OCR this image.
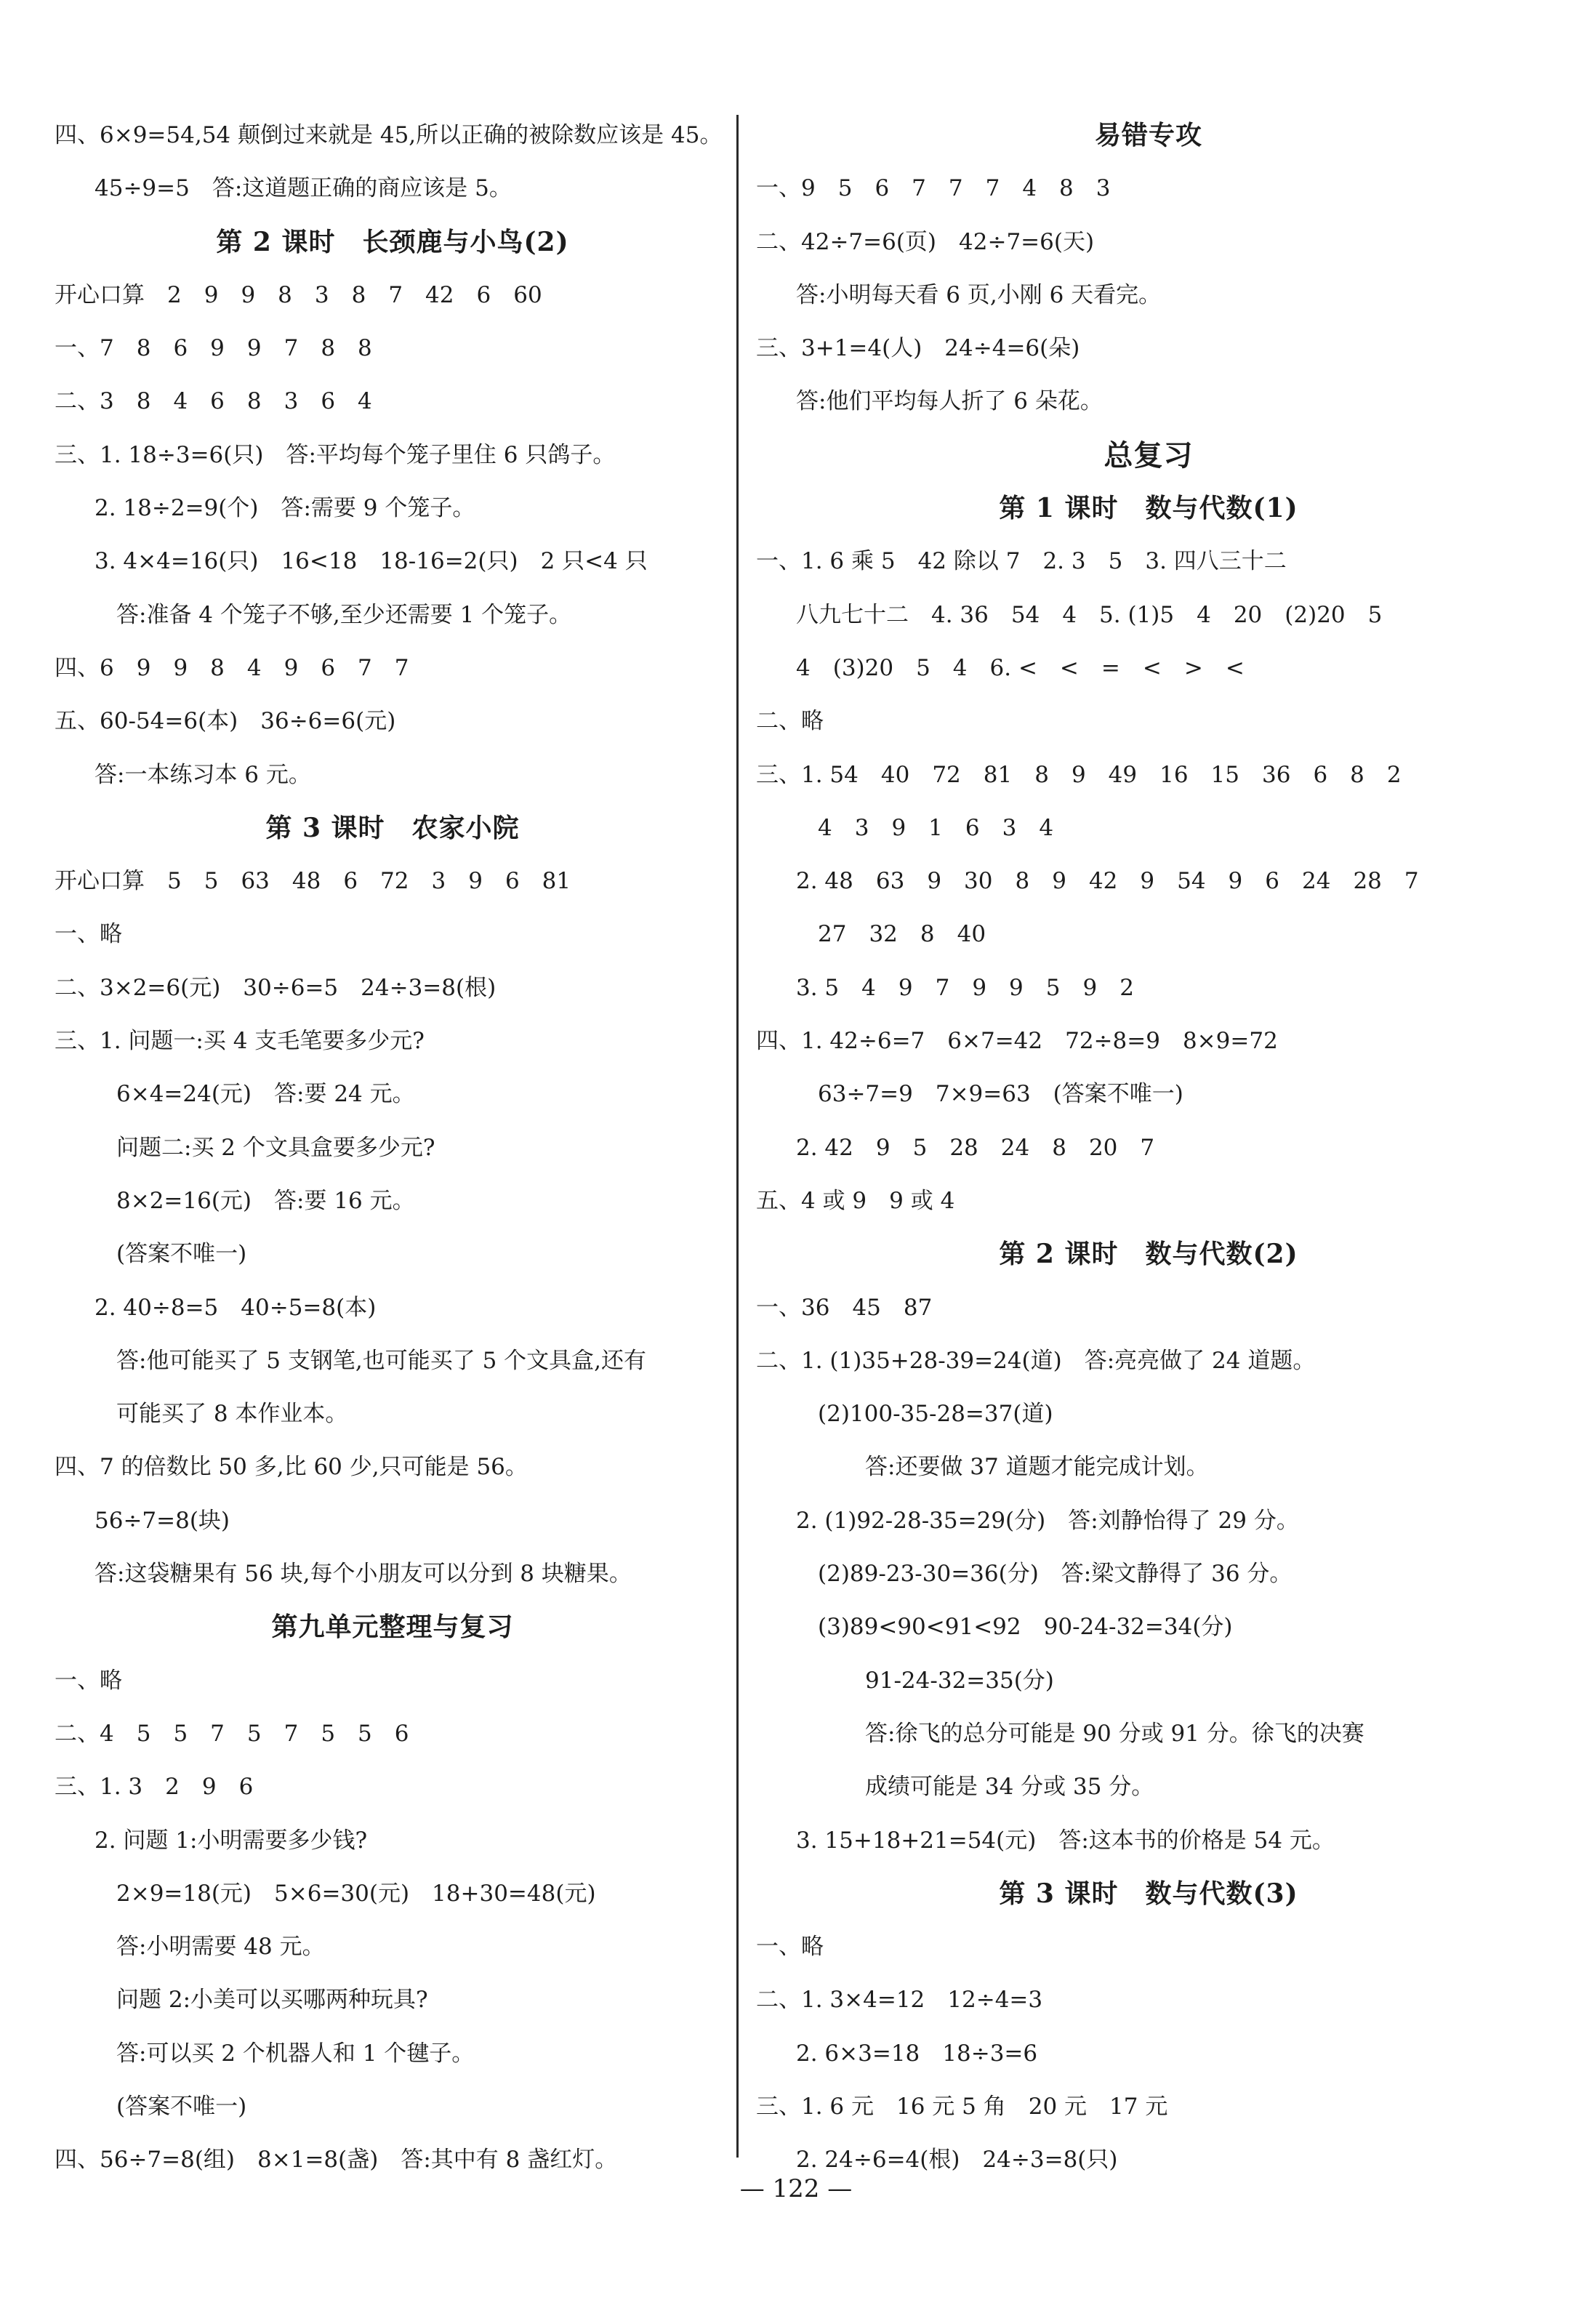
四、6×9=54,54 颠倒过来就是 45,所以正确的被除数应该是 45。
45÷9=5　答:这道题正确的商应该是 5。
第 2 课时　长颈鹿与小鸟(2)
开心口算　2　9　9　8　3　8　7　42　6　60
一、7　8　6　9　9　7　8　8
二、3　8　4　6　8　3　6　4
三、1. 18÷3=6(只)　答:平均每个笼子里住 6 只鸽子。
2. 18÷2=9(个)　答:需要 9 个笼子。
3. 4×4=16(只)　16<18　18-16=2(只)　2 只<4 只
答:准备 4 个笼子不够,至少还需要 1 个笼子。
四、6　9　9　8　4　9　6　7　7
五、60-54=6(本)　36÷6=6(元)
答:一本练习本 6 元。
第 3 课时　农家小院
开心口算　5　5　63　48　6　72　3　9　6　81
一、略
二、3×2=6(元)　30÷6=5　24÷3=8(根)
三、1. 问题一:买 4 支毛笔要多少元?
6×4=24(元)　答:要 24 元。
问题二:买 2 个文具盒要多少元?
8×2=16(元)　答:要 16 元。
(答案不唯一)
2. 40÷8=5　40÷5=8(本)
答:他可能买了 5 支钢笔,也可能买了 5 个文具盒,还有
可能买了 8 本作业本。
四、7 的倍数比 50 多,比 60 少,只可能是 56。
56÷7=8(块)
答:这袋糖果有 56 块,每个小朋友可以分到 8 块糖果。
第九单元整理与复习
一、略
二、4　5　5　7　5　7　5　5　6
三、1. 3　2　9　6
2. 问题 1:小明需要多少钱?
2×9=18(元)　5×6=30(元)　18+30=48(元)
答:小明需要 48 元。
问题 2:小美可以买哪两种玩具?
答:可以买 2 个机器人和 1 个毽子。
(答案不唯一)
四、56÷7=8(组)　8×1=8(盏)　答:其中有 8 盏红灯。
易错专攻
一、9　5　6　7　7　7　4　8　3
二、42÷7=6(页)　42÷7=6(天)
答:小明每天看 6 页,小刚 6 天看完。
三、3+1=4(人)　24÷4=6(朵)
答:他们平均每人折了 6 朵花。
总复习
第 1 课时　数与代数(1)
一、1. 6 乘 5　42 除以 7　2. 3　5　3. 四八三十二
八九七十二　4. 36　54　4　5. (1)5　4　20　(2)20　5
4　(3)20　5　4　6. <　<　=　<　>　<
二、略
三、1. 54　40　72　81　8　9　49　16　15　36　6　8　2
4　3　9　1　6　3　4
2. 48　63　9　30　8　9　42　9　54　9　6　24　28　7
27　32　8　40
3. 5　4　9　7　9　9　5　9　2
四、1. 42÷6=7　6×7=42　72÷8=9　8×9=72
63÷7=9　7×9=63　(答案不唯一)
2. 42　9　5　28　24　8　20　7
五、4 或 9　9 或 4
第 2 课时　数与代数(2)
一、36　45　87
二、1. (1)35+28-39=24(道)　答:亮亮做了 24 道题。
(2)100-35-28=37(道)
答:还要做 37 道题才能完成计划。
2. (1)92-28-35=29(分)　答:刘静怡得了 29 分。
(2)89-23-30=36(分)　答:梁文静得了 36 分。
(3)89<90<91<92　90-24-32=34(分)
91-24-32=35(分)
答:徐飞的总分可能是 90 分或 91 分。徐飞的决赛
成绩可能是 34 分或 35 分。
3. 15+18+21=54(元)　答:这本书的价格是 54 元。
第 3 课时　数与代数(3)
一、略
二、1. 3×4=12　12÷4=3
2. 6×3=18　18÷3=6
三、1. 6 元　16 元 5 角　20 元　17 元
2. 24÷6=4(根)　24÷3=8(只)
— 122 —
